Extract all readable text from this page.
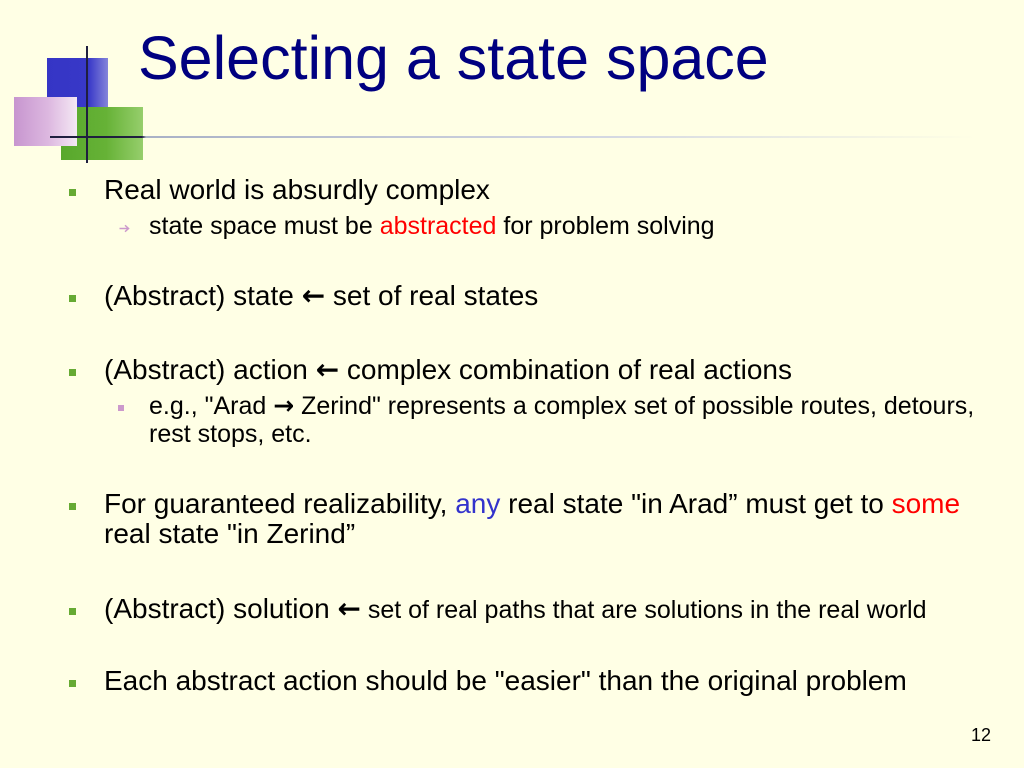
Selecting a state space
Real world is absurdly complex
state space must be abstracted for problem solving
(Abstract) state ← set of real states
(Abstract) action ← complex combination of real actions
e.g., "Arad → Zerind" represents a complex set of possible routes, detours, rest stops, etc.
For guaranteed realizability, any real state "in Arad” must get to some real state "in Zerind”
(Abstract) solution ← set of real paths that are solutions in the real world
Each abstract action should be "easier" than the original problem
12
